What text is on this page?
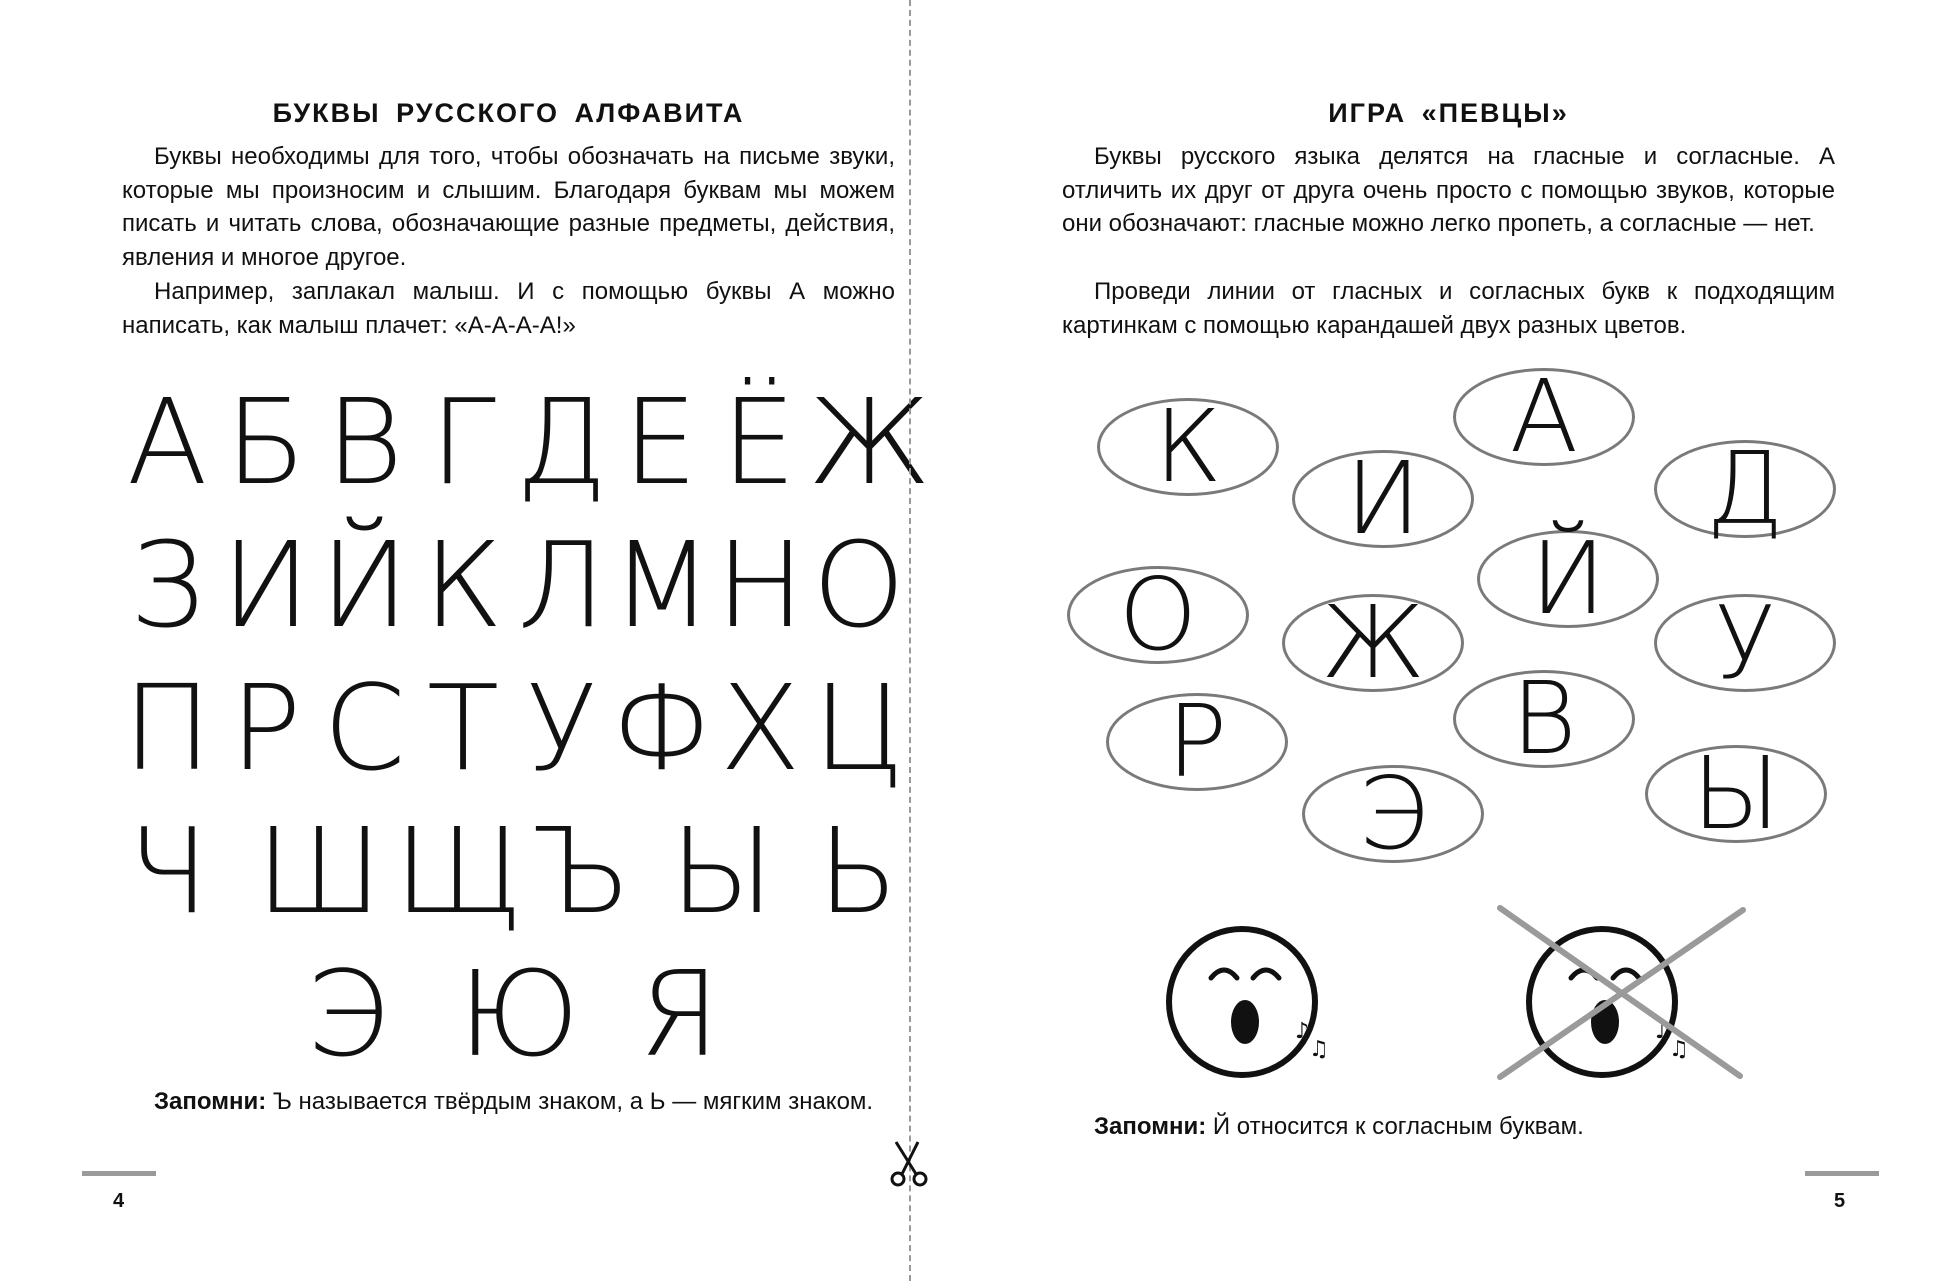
БУКВЫ РУССКОГО АЛФАВИТА

Буквы необходимы для того, чтобы обозначать на письме звуки, которые мы произносим и слышим. Благодаря буквам мы можем писать и читать слова, обозначающие разные предметы, действия, явления и многое другое.

Например, заплакал малыш. И с помощью буквы А можно написать, как малыш плачет: «А-А-А-А!»

А Б В Г Д Е Ё Ж
З И Й К Л М Н О
П Р С Т У Ф Х Ц
Ч Ш Щ Ъ Ы Ь
Э Ю Я

Запомни: Ъ называется твёрдым знаком, а Ь — мягким знаком.

4
ИГРА «ПЕВЦЫ»

Буквы русского языка делятся на гласные и согласные. А отличить их друг от друга очень просто с помощью звуков, которые они обозначают: гласные можно легко пропеть, а согласные — нет.

Проведи линии от гласных и согласных букв к подходящим картинкам с помощью карандашей двух разных цветов.

К И
А
Д
О	Й
Ж	У
Р	В
Ы
Э
♪
♫
♪
♫

Запомни: Й относится к согласным буквам.

5
